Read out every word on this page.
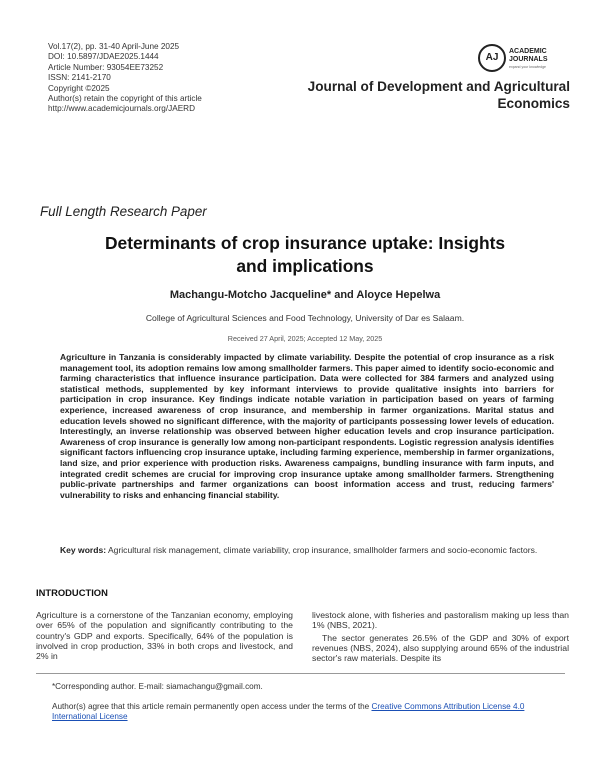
Vol.17(2), pp. 31-40 April-June 2025
DOI: 10.5897/JDAE2025.1444
Article Number: 93054EE73252
ISSN: 2141-2170
Copyright ©2025
Author(s) retain the copyright of this article
http://www.academicjournals.org/JAERD
AJ
ACADEMIC
JOURNALS
expand your knowledge
Journal of Development and Agricultural
Economics
Full Length Research Paper
Determinants of crop insurance uptake: Insights
and implications
Machangu-Motcho Jacqueline* and Aloyce Hepelwa
College of Agricultural Sciences and Food Technology, University of Dar es Salaam.
Received 27 April, 2025; Accepted 12 May, 2025
Agriculture in Tanzania is considerably impacted by climate variability. Despite the potential of crop insurance as a risk management tool, its adoption remains low among smallholder farmers. This paper aimed to identify socio-economic and farming characteristics that influence insurance participation. Data were collected for 384 farmers and analyzed using statistical methods, supplemented by key informant interviews to provide qualitative insights into barriers for participation in crop insurance. Key findings indicate notable variation in participation based on years of farming experience, increased awareness of crop insurance, and membership in farmer organizations. Marital status and education levels showed no significant difference, with the majority of participants possessing lower levels of education. Interestingly, an inverse relationship was observed between higher education levels and crop insurance participation. Awareness of crop insurance is generally low among non-participant respondents. Logistic regression analysis identifies significant factors influencing crop insurance uptake, including farming experience, membership in farmer organizations, land size, and prior experience with production risks. Awareness campaigns, bundling insurance with farm inputs, and integrated credit schemes are crucial for improving crop insurance uptake among smallholder farmers. Strengthening public-private partnerships and farmer organizations can boost information access and trust, reducing farmers' vulnerability to risks and enhancing financial stability.
Key words: Agricultural risk management, climate variability, crop insurance, smallholder farmers and socio-economic factors.
INTRODUCTION

Agriculture is a cornerstone of the Tanzanian economy, employing over 65% of the population and significantly contributing to the country's GDP and exports. Specifically, 64% of the population is involved in crop production, 33% in both crops and livestock, and 2% in

livestock alone, with fisheries and pastoralism making up less than 1% (NBS, 2021).

The sector generates 26.5% of the GDP and 30% of export revenues (NBS, 2024), also supplying around 65% of the industrial sector's raw materials. Despite its

*Corresponding author. E-mail: siamachangu@gmail.com.
Author(s) agree that this article remain permanently open access under the terms of the Creative Commons Attribution License 4.0 International License
